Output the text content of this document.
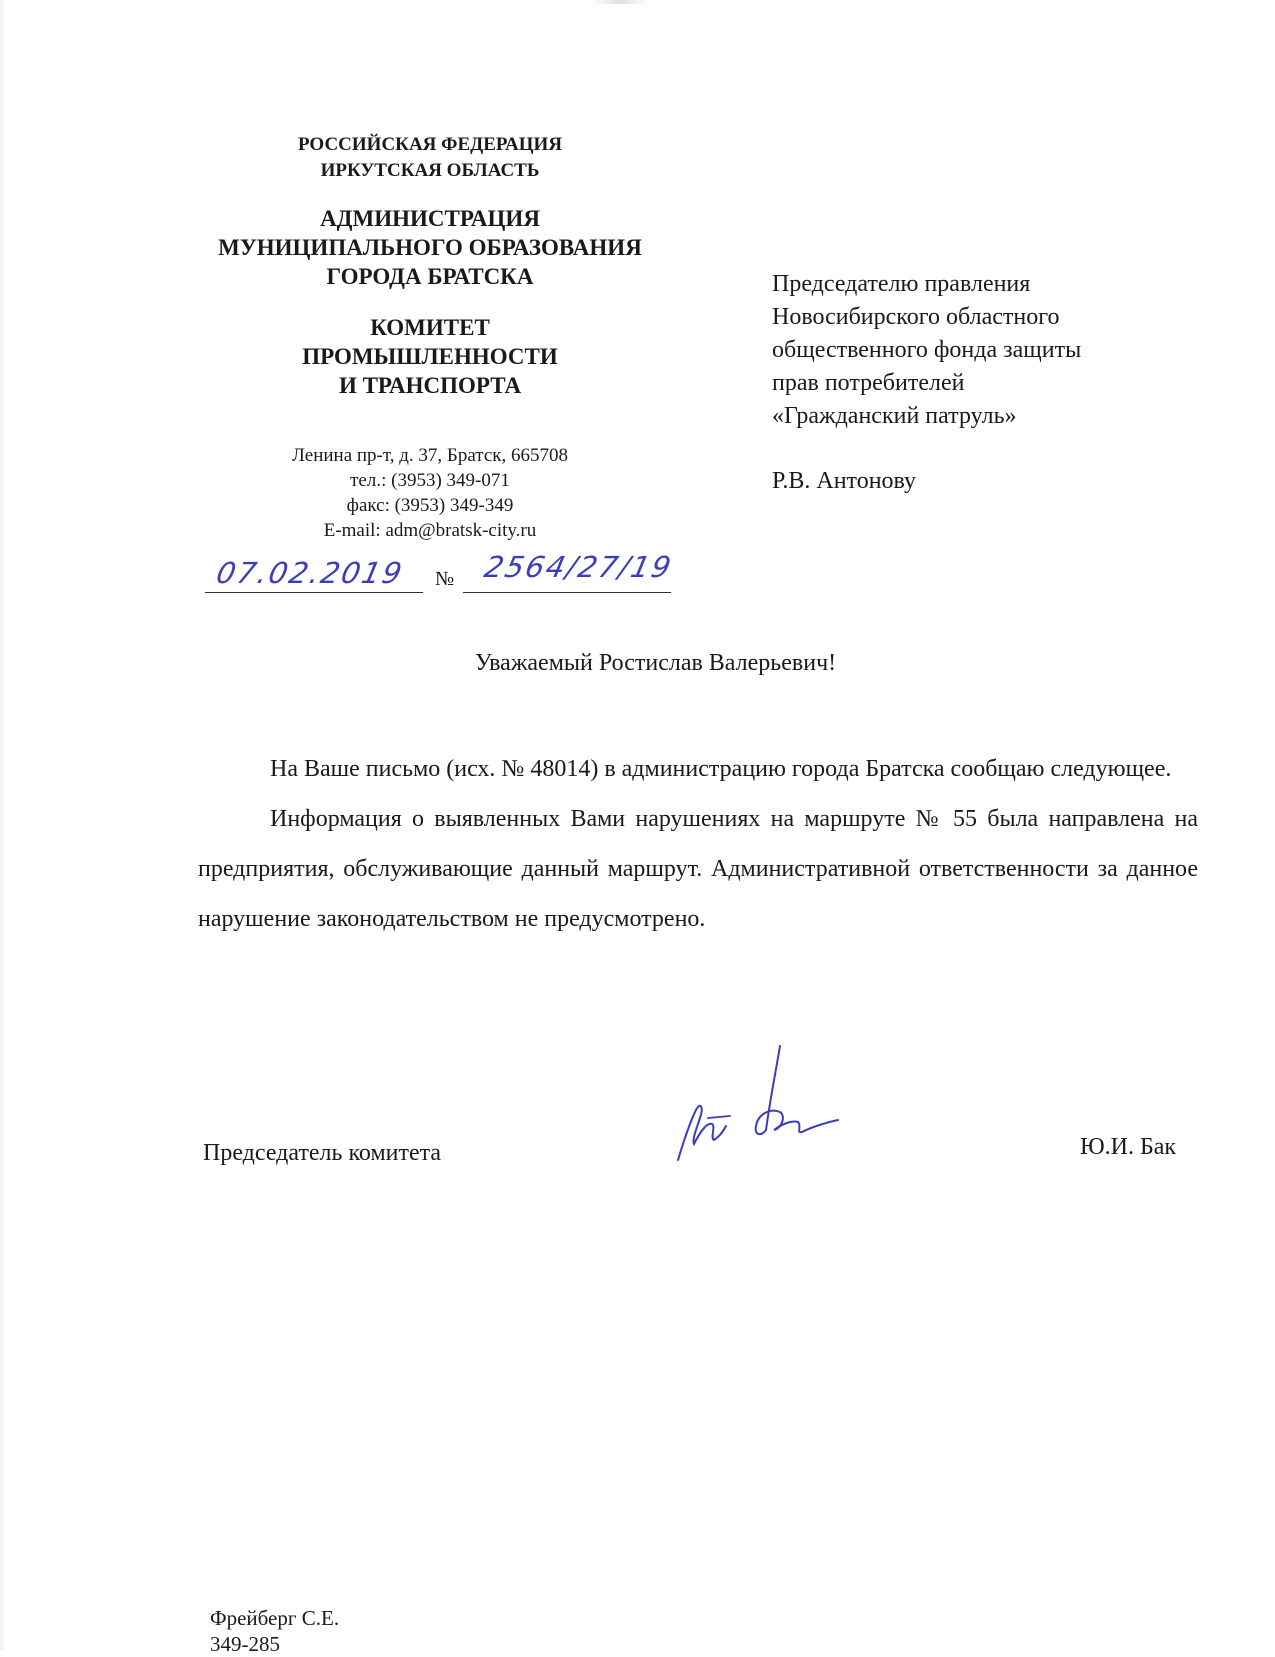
РОССИЙСКАЯ ФЕДЕРАЦИЯ
ИРКУТСКАЯ ОБЛАСТЬ
АДМИНИСТРАЦИЯ
МУНИЦИПАЛЬНОГО ОБРАЗОВАНИЯ
ГОРОДА БРАТСКА
КОМИТЕТ
ПРОМЫШЛЕННОСТИ
И ТРАНСПОРТА
Ленина пр-т, д. 37, Братск, 665708
тел.: (3953) 349-071
факс: (3953) 349-349
E-mail: adm@bratsk-city.ru
07.02.2019 № 2564/27/19
Председателю правления
Новосибирского областного
общественного фонда защиты
прав потребителей
«Гражданский патруль»
Р.В. Антонову
Уважаемый Ростислав Валерьевич!

На Ваше письмо (исх. № 48014) в администрацию города Братска сообщаю следующее.

Информация о выявленных Вами нарушениях на маршруте № 55 была направлена на предприятия, обслуживающие данный маршрут. Административной ответственности за данное нарушение законодательством не предусмотрено.

Председатель комитета	Ю.И. Бак
Фрейберг С.Е.
349-285
